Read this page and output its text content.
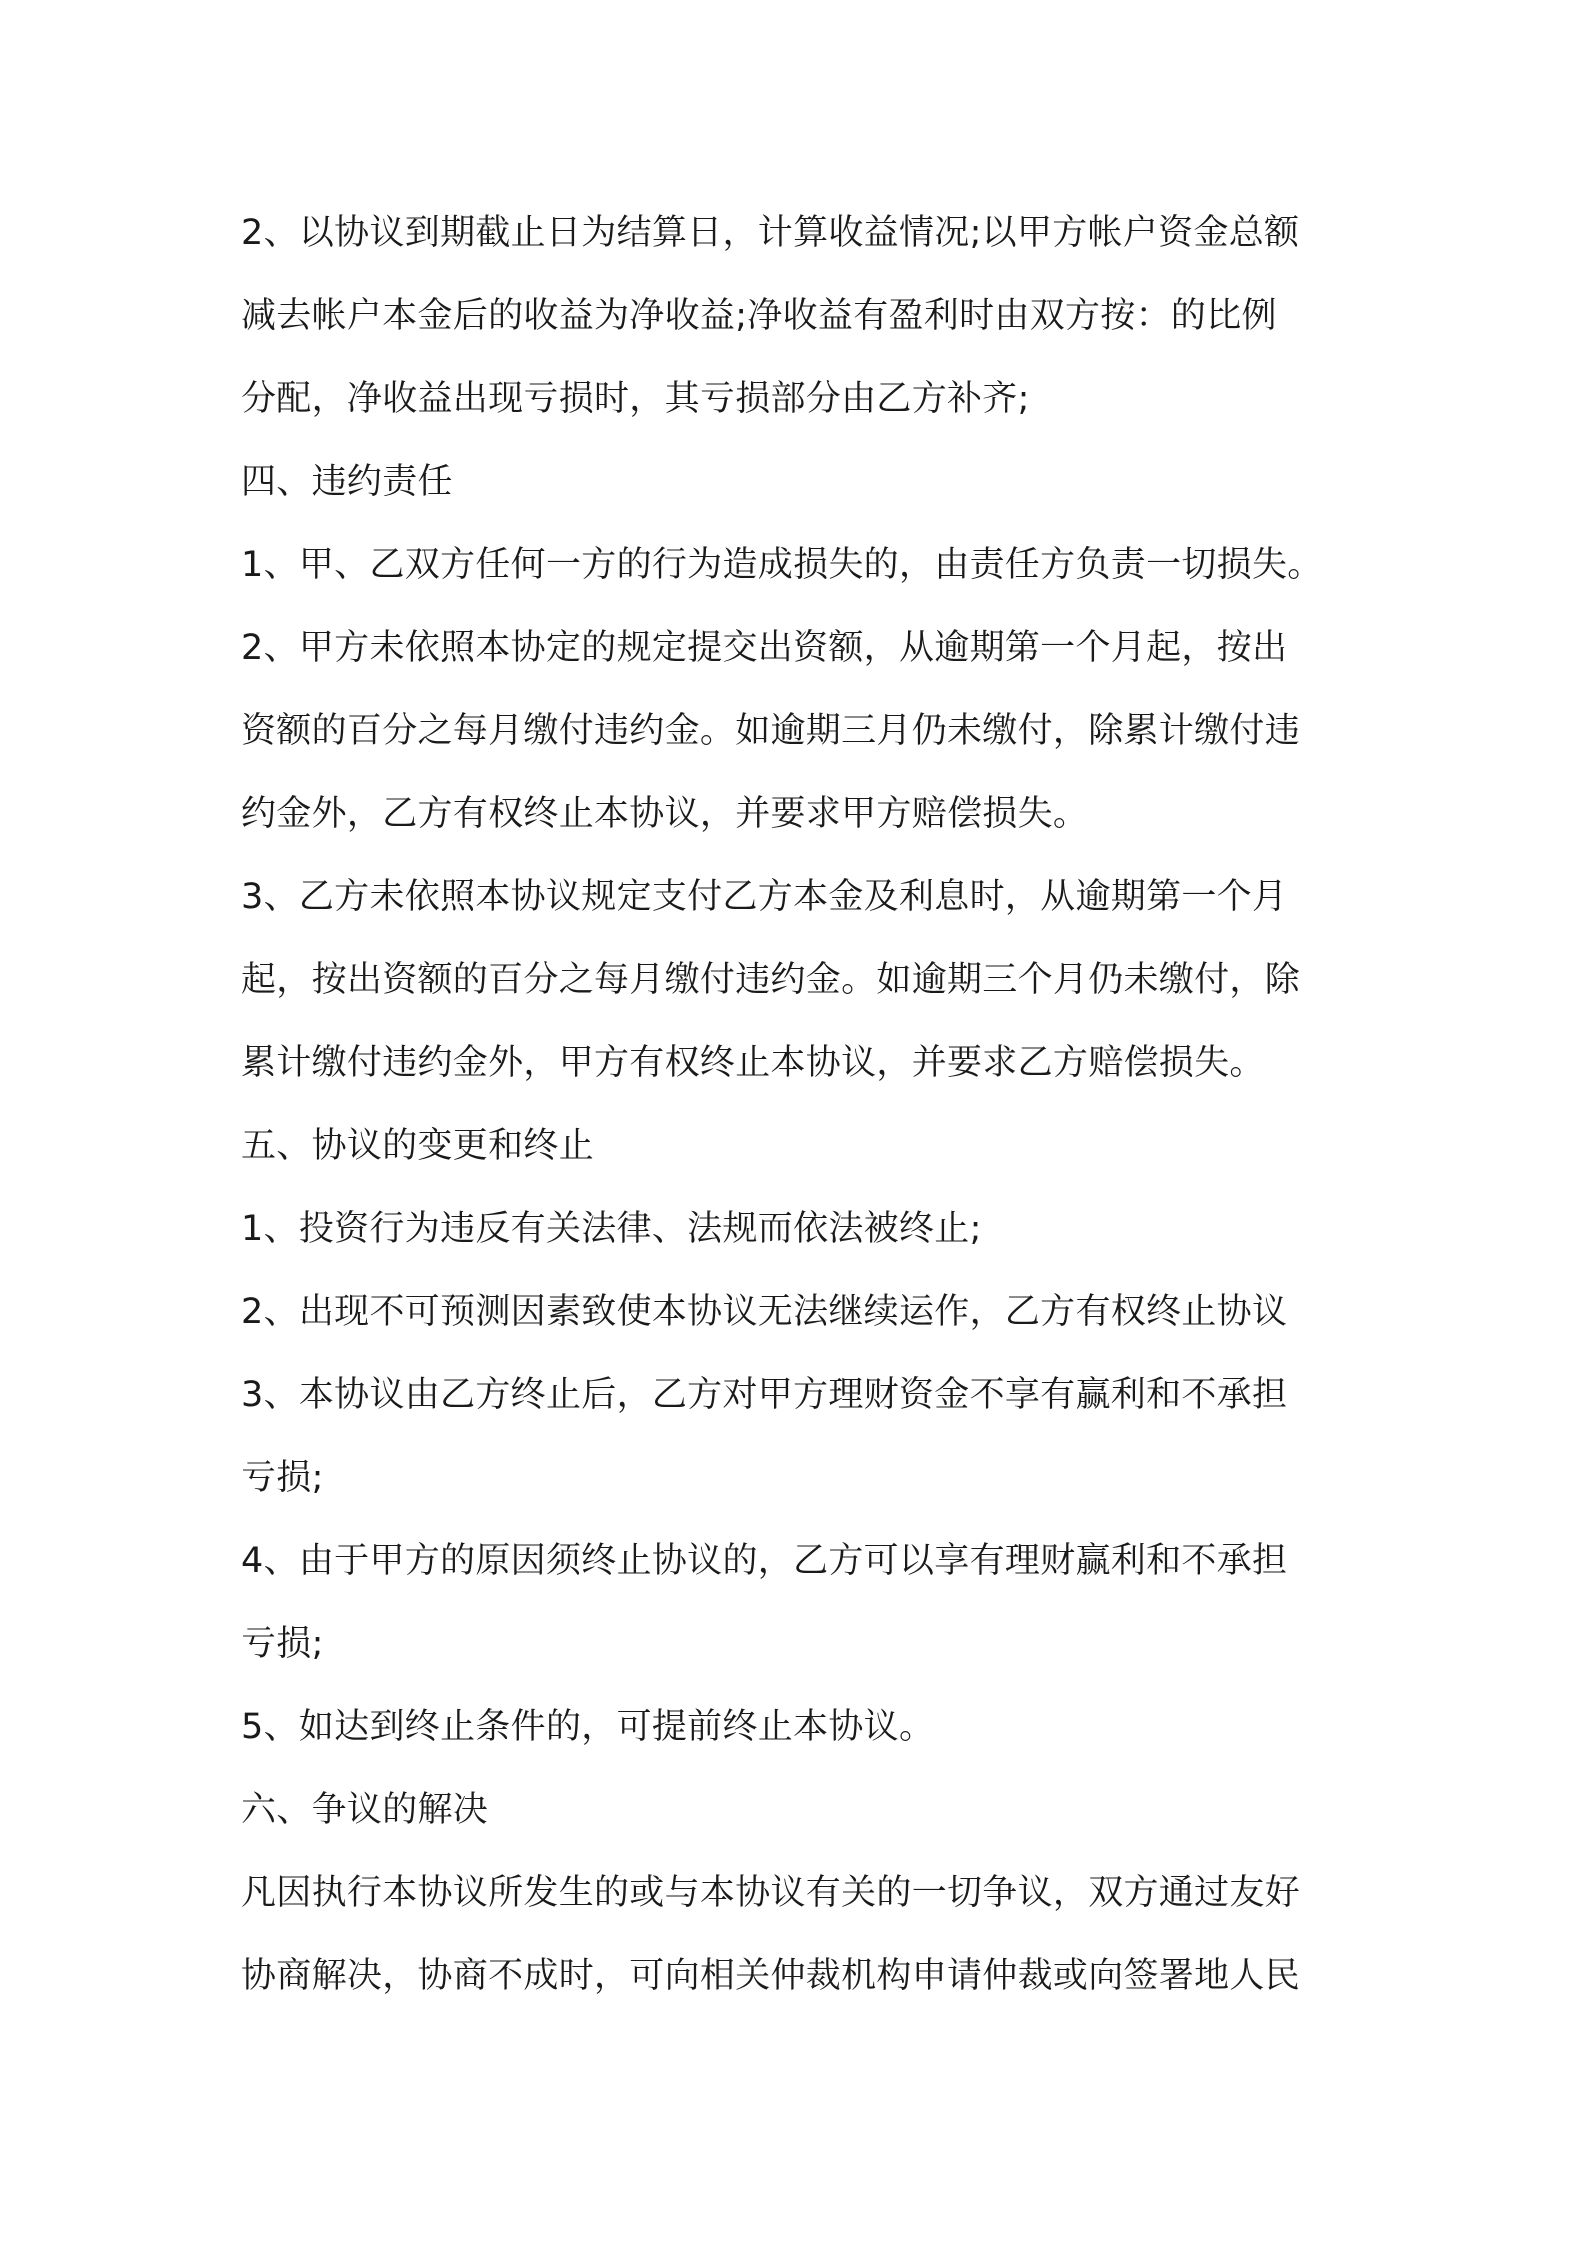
2、以协议到期截止日为结算日，计算收益情况;以甲方帐户资金总额
减去帐户本金后的收益为净收益;净收益有盈利时由双方按：的比例
分配，净收益出现亏损时，其亏损部分由乙方补齐;
四、违约责任
1、甲、乙双方任何一方的行为造成损失的，由责任方负责一切损失。
2、甲方未依照本协定的规定提交出资额，从逾期第一个月起，按出
资额的百分之每月缴付违约金。如逾期三月仍未缴付，除累计缴付违
约金外，乙方有权终止本协议，并要求甲方赔偿损失。
3、乙方未依照本协议规定支付乙方本金及利息时，从逾期第一个月
起，按出资额的百分之每月缴付违约金。如逾期三个月仍未缴付，除
累计缴付违约金外，甲方有权终止本协议，并要求乙方赔偿损失。
五、协议的变更和终止
1、投资行为违反有关法律、法规而依法被终止;
2、出现不可预测因素致使本协议无法继续运作，乙方有权终止协议
3、本协议由乙方终止后，乙方对甲方理财资金不享有赢利和不承担
亏损;
4、由于甲方的原因须终止协议的，乙方可以享有理财赢利和不承担
亏损;
5、如达到终止条件的，可提前终止本协议。
六、争议的解决
凡因执行本协议所发生的或与本协议有关的一切争议，双方通过友好
协商解决，协商不成时，可向相关仲裁机构申请仲裁或向签署地人民
